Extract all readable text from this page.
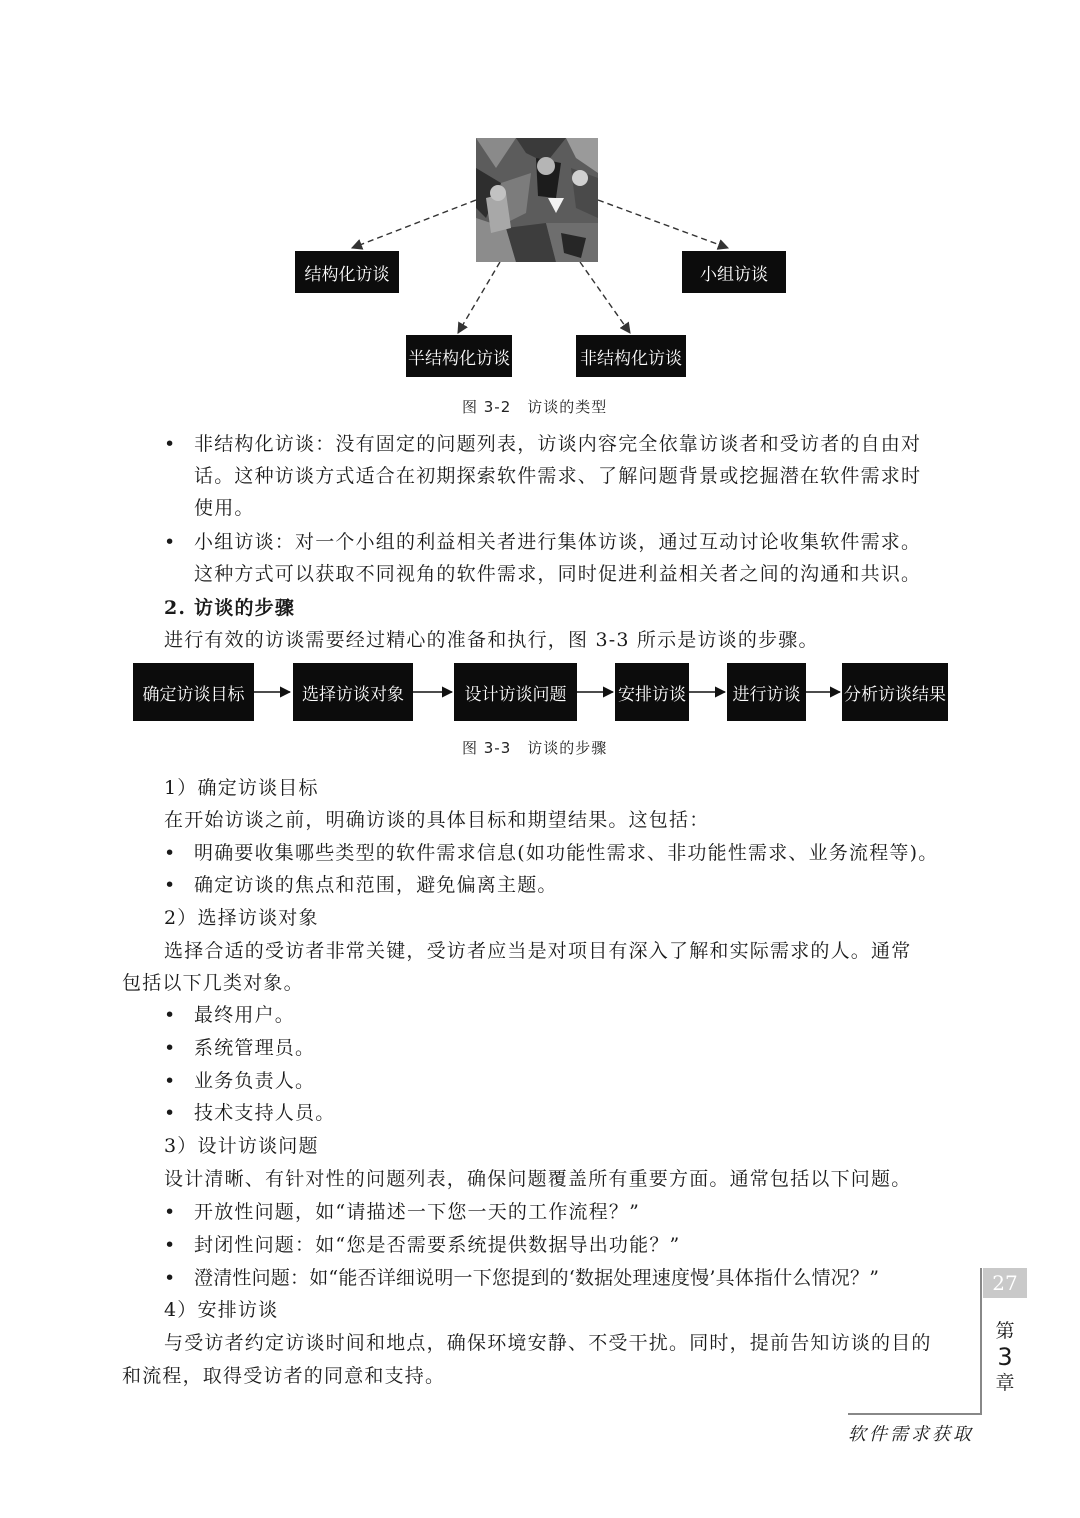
结构化访谈	小组访谈
半结构化访谈	非结构化访谈
图 3-2　访谈的类型
• 非结构化访谈：没有固定的问题列表，访谈内容完全依靠访谈者和受访者的自由对
话。这种访谈方式适合在初期探索软件需求、了解问题背景或挖掘潜在软件需求时
使用。
• 小组访谈：对一个小组的利益相关者进行集体访谈，通过互动讨论收集软件需求。
这种方式可以获取不同视角的软件需求，同时促进利益相关者之间的沟通和共识。
2. 访谈的步骤
进行有效的访谈需要经过精心的准备和执行，图 3-3 所示是访谈的步骤。
确定访谈目标	选择访谈对象	设计访谈问题	安排访谈	进行访谈	分析访谈结果
图 3-3　访谈的步骤
1）确定访谈目标
在开始访谈之前，明确访谈的具体目标和期望结果。这包括：
• 明确要收集哪些类型的软件需求信息(如功能性需求、非功能性需求、业务流程等)。
• 确定访谈的焦点和范围，避免偏离主题。
2）选择访谈对象
选择合适的受访者非常关键，受访者应当是对项目有深入了解和实际需求的人。通常
包括以下几类对象。
• 最终用户。
• 系统管理员。
• 业务负责人。
• 技术支持人员。
3）设计访谈问题
设计清晰、有针对性的问题列表，确保问题覆盖所有重要方面。通常包括以下问题。
• 开放性问题，如“请描述一下您一天的工作流程？”
• 封闭性问题：如“您是否需要系统提供数据导出功能？”
• 澄清性问题：如“能否详细说明一下您提到的‘数据处理速度慢’具体指什么情况？”
4）安排访谈
与受访者约定访谈时间和地点，确保环境安静、不受干扰。同时，提前告知访谈的目的
和流程，取得受访者的同意和支持。
27
第
3
章
软件需求获取
